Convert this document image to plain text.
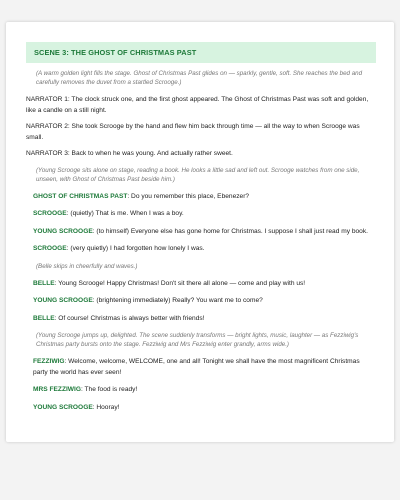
SCENE 3: THE GHOST OF CHRISTMAS PAST

(A warm golden light fills the stage. Ghost of Christmas Past glides on — sparkly, gentle, soft. She reaches the bed and carefully removes the duvet from a startled Scrooge.)

NARRATOR 1: The clock struck one, and the first ghost appeared. The Ghost of Christmas Past was soft and golden, like a candle on a still night.

NARRATOR 2: She took Scrooge by the hand and flew him back through time — all the way to when Scrooge was small.

NARRATOR 3: Back to when he was young. And actually rather sweet.

(Young Scrooge sits alone on stage, reading a book. He looks a little sad and left out. Scrooge watches from one side, unseen, with Ghost of Christmas Past beside him.)

GHOST OF CHRISTMAS PAST: Do you remember this place, Ebenezer?

SCROOGE: (quietly) That is me. When I was a boy.

YOUNG SCROOGE: (to himself) Everyone else has gone home for Christmas. I suppose I shall just read my book.

SCROOGE: (very quietly) I had forgotten how lonely I was.

(Belle skips in cheerfully and waves.)

BELLE: Young Scrooge! Happy Christmas! Don't sit there all alone — come and play with us!

YOUNG SCROOGE: (brightening immediately) Really? You want me to come?

BELLE: Of course! Christmas is always better with friends!

(Young Scrooge jumps up, delighted. The scene suddenly transforms — bright lights, music, laughter — as Fezziwig's Christmas party bursts onto the stage. Fezziwig and Mrs Fezziwig enter grandly, arms wide.)

FEZZIWIG: Welcome, welcome, WELCOME, one and all! Tonight we shall have the most magnificent Christmas party the world has ever seen!

MRS FEZZIWIG: The food is ready!

YOUNG SCROOGE: Hooray!
